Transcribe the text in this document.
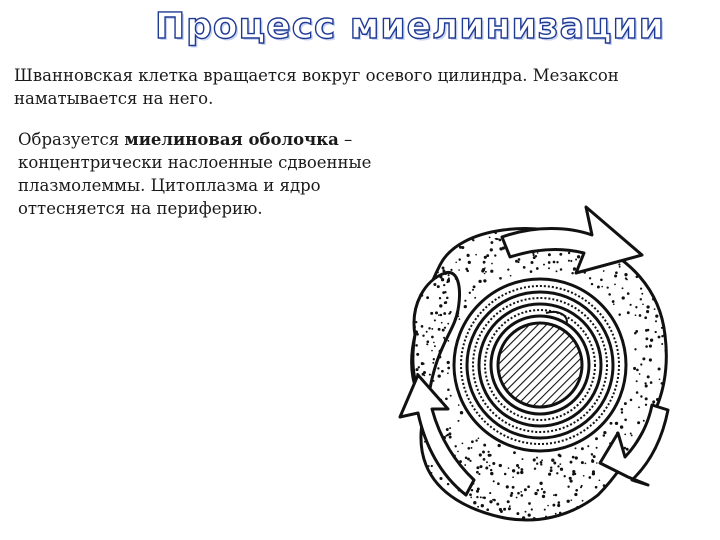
Процесс миелинизации

Шванновская клетка вращается вокруг осевого цилиндра. Мезаксон наматывается на него.

Образуется миелиновая оболочка – концентрически наслоенные сдвоенные плазмолеммы. Цитоплазма и ядро оттесняется на периферию.
